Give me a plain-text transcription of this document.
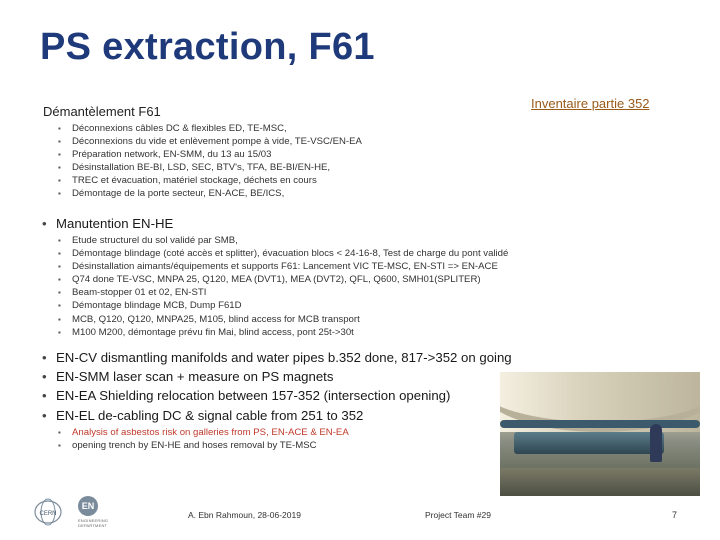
PS extraction, F61
Inventaire partie 352
Démantèlement F61
▪ Déconnexions câbles DC & flexibles ED, TE-MSC,
▪ Déconnexions du vide et enlèvement pompe à vide, TE-VSC/EN-EA
▪ Préparation network, EN-SMM, du 13 au 15/03
▪ Désinstallation BE-BI, LSD, SEC, BTV's, TFA, BE-BI/EN-HE,
▪ TREC et évacuation, matériel stockage, déchets en cours
▪ Démontage de la porte secteur, EN-ACE, BE/ICS,
• Manutention EN-HE
▪ Etude structurel du sol validé par SMB,
▪ Démontage blindage (coté accès et splitter), évacuation blocs < 24-16-8, Test de charge du pont validé
▪ Désinstallation aimants/équipements et supports F61: Lancement VIC TE-MSC, EN-STI => EN-ACE
▪ Q74 done TE-VSC, MNPA 25, Q120, MEA (DVT1), MEA (DVT2), QFL, Q600, SMH01(SPLITER)
▪ Beam-stopper 01 et 02, EN-STI
▪ Démontage blindage MCB, Dump F61D
▪ MCB, Q120, Q120, MNPA25, M105, blind access for MCB transport
▪ M100 M200, démontage prévu fin Mai, blind access, pont 25t->30t
• EN-CV dismantling manifolds and water pipes b.352 done, 817->352 on going
• EN-SMM laser scan + measure on PS magnets
• EN-EA Shielding relocation between 157-352 (intersection opening)
• EN-EL de-cabling DC & signal cable from 251 to 352
▪ Analysis of asbestos risk on galleries from PS, EN-ACE & EN-EA
▪ opening trench by EN-HE and hoses removal by TE-MSC
CERN
EN
ENGINEERING DEPARTMENT
A. Ebn Rahmoun, 28-06-2019	Project Team #29	7
